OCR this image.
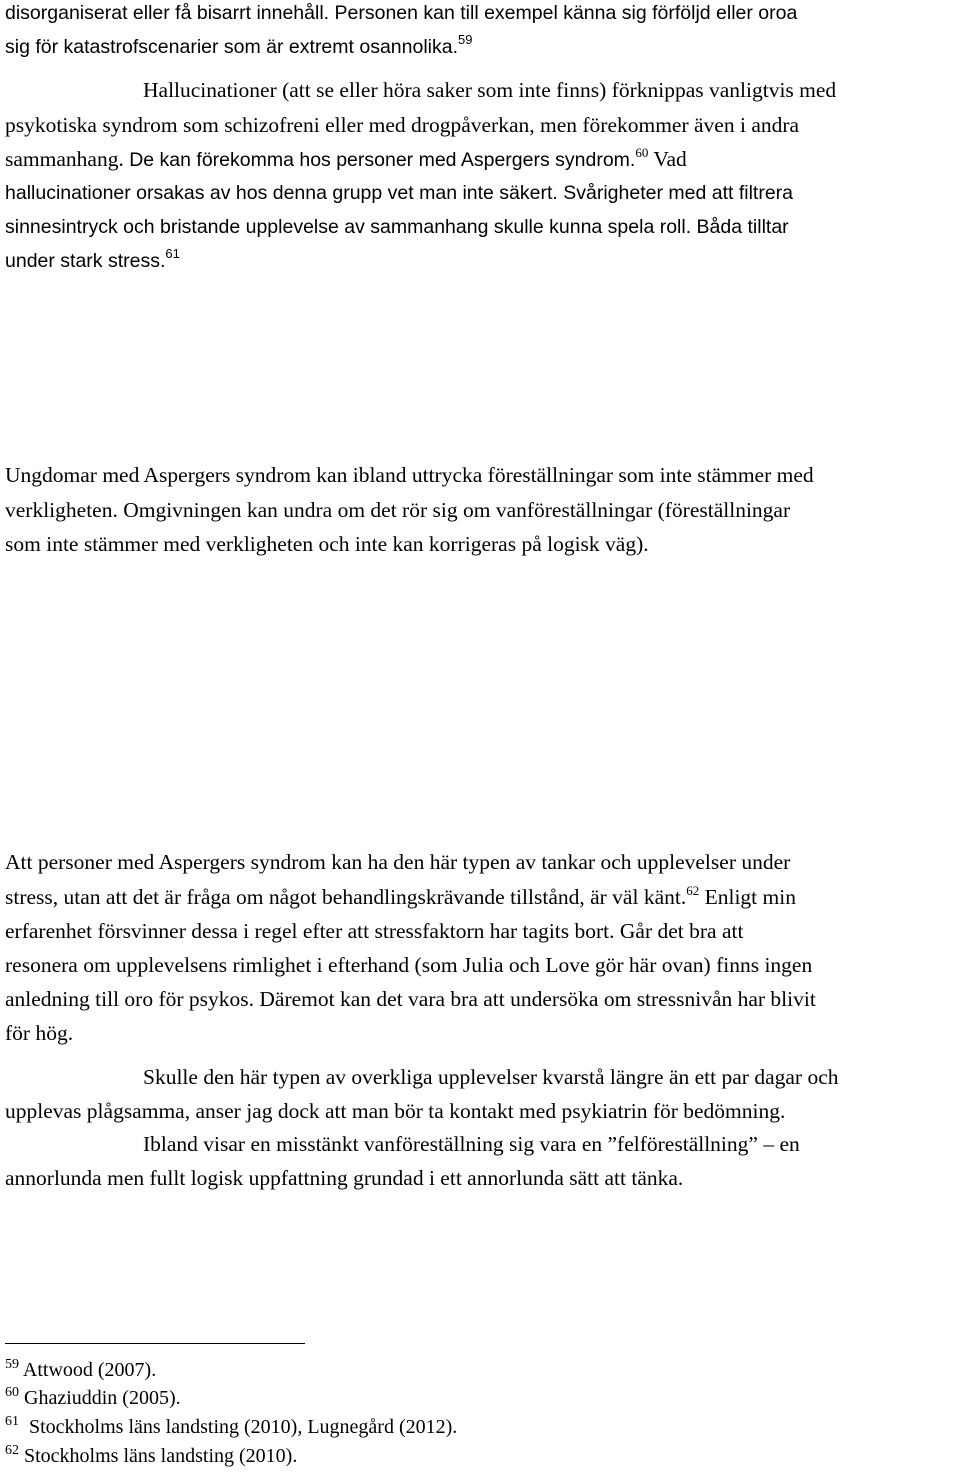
disorganiserat eller få bisarrt innehåll. Personen kan till exempel känna sig förföljd eller oroa
sig för katastrofscenarier som är extremt osannolika.$^{59}$
Hallucinationer (att se eller höra saker som inte finns) förknippas vanligtvis med
psykotiska syndrom som schizofreni eller med drogpåverkan, men förekommer även i andra
sammanhang. De kan förekomma hos personer med Aspergers syndrom.$^{60}$ Vad
hallucinationer orsakas av hos denna grupp vet man inte säkert. Svårigheter med att filtrera
sinnesintryck och bristande upplevelse av sammanhang skulle kunna spela roll. Båda tilltar
under stark stress.$^{61}$
Ungdomar med Aspergers syndrom kan ibland uttrycka föreställningar som inte stämmer med
verkligheten. Omgivningen kan undra om det rör sig om vanföreställningar (föreställningar
som inte stämmer med verkligheten och inte kan korrigeras på logisk väg).
Att personer med Aspergers syndrom kan ha den här typen av tankar och upplevelser under
stress, utan att det är fråga om något behandlingskrävande tillstånd, är väl känt.$^{62}$ Enligt min
erfarenhet försvinner dessa i regel efter att stressfaktorn har tagits bort. Går det bra att
resonera om upplevelsens rimlighet i efterhand (som Julia och Love gör här ovan) finns ingen
anledning till oro för psykos. Däremot kan det vara bra att undersöka om stressnivån har blivit
för hög.
Skulle den här typen av overkliga upplevelser kvarstå längre än ett par dagar och
upplevas plågsamma, anser jag dock att man bör ta kontakt med psykiatrin för bedömning.
Ibland visar en misstänkt vanföreställning sig vara en ”felföreställning” – en
annorlunda men fullt logisk uppfattning grundad i ett annorlunda sätt att tänka.
$^{59}$ Attwood (2007).
$^{60}$ Ghaziuddin (2005).
$^{61}$  Stockholms läns landsting (2010), Lugnegård (2012).
$^{62}$ Stockholms läns landsting (2010).
